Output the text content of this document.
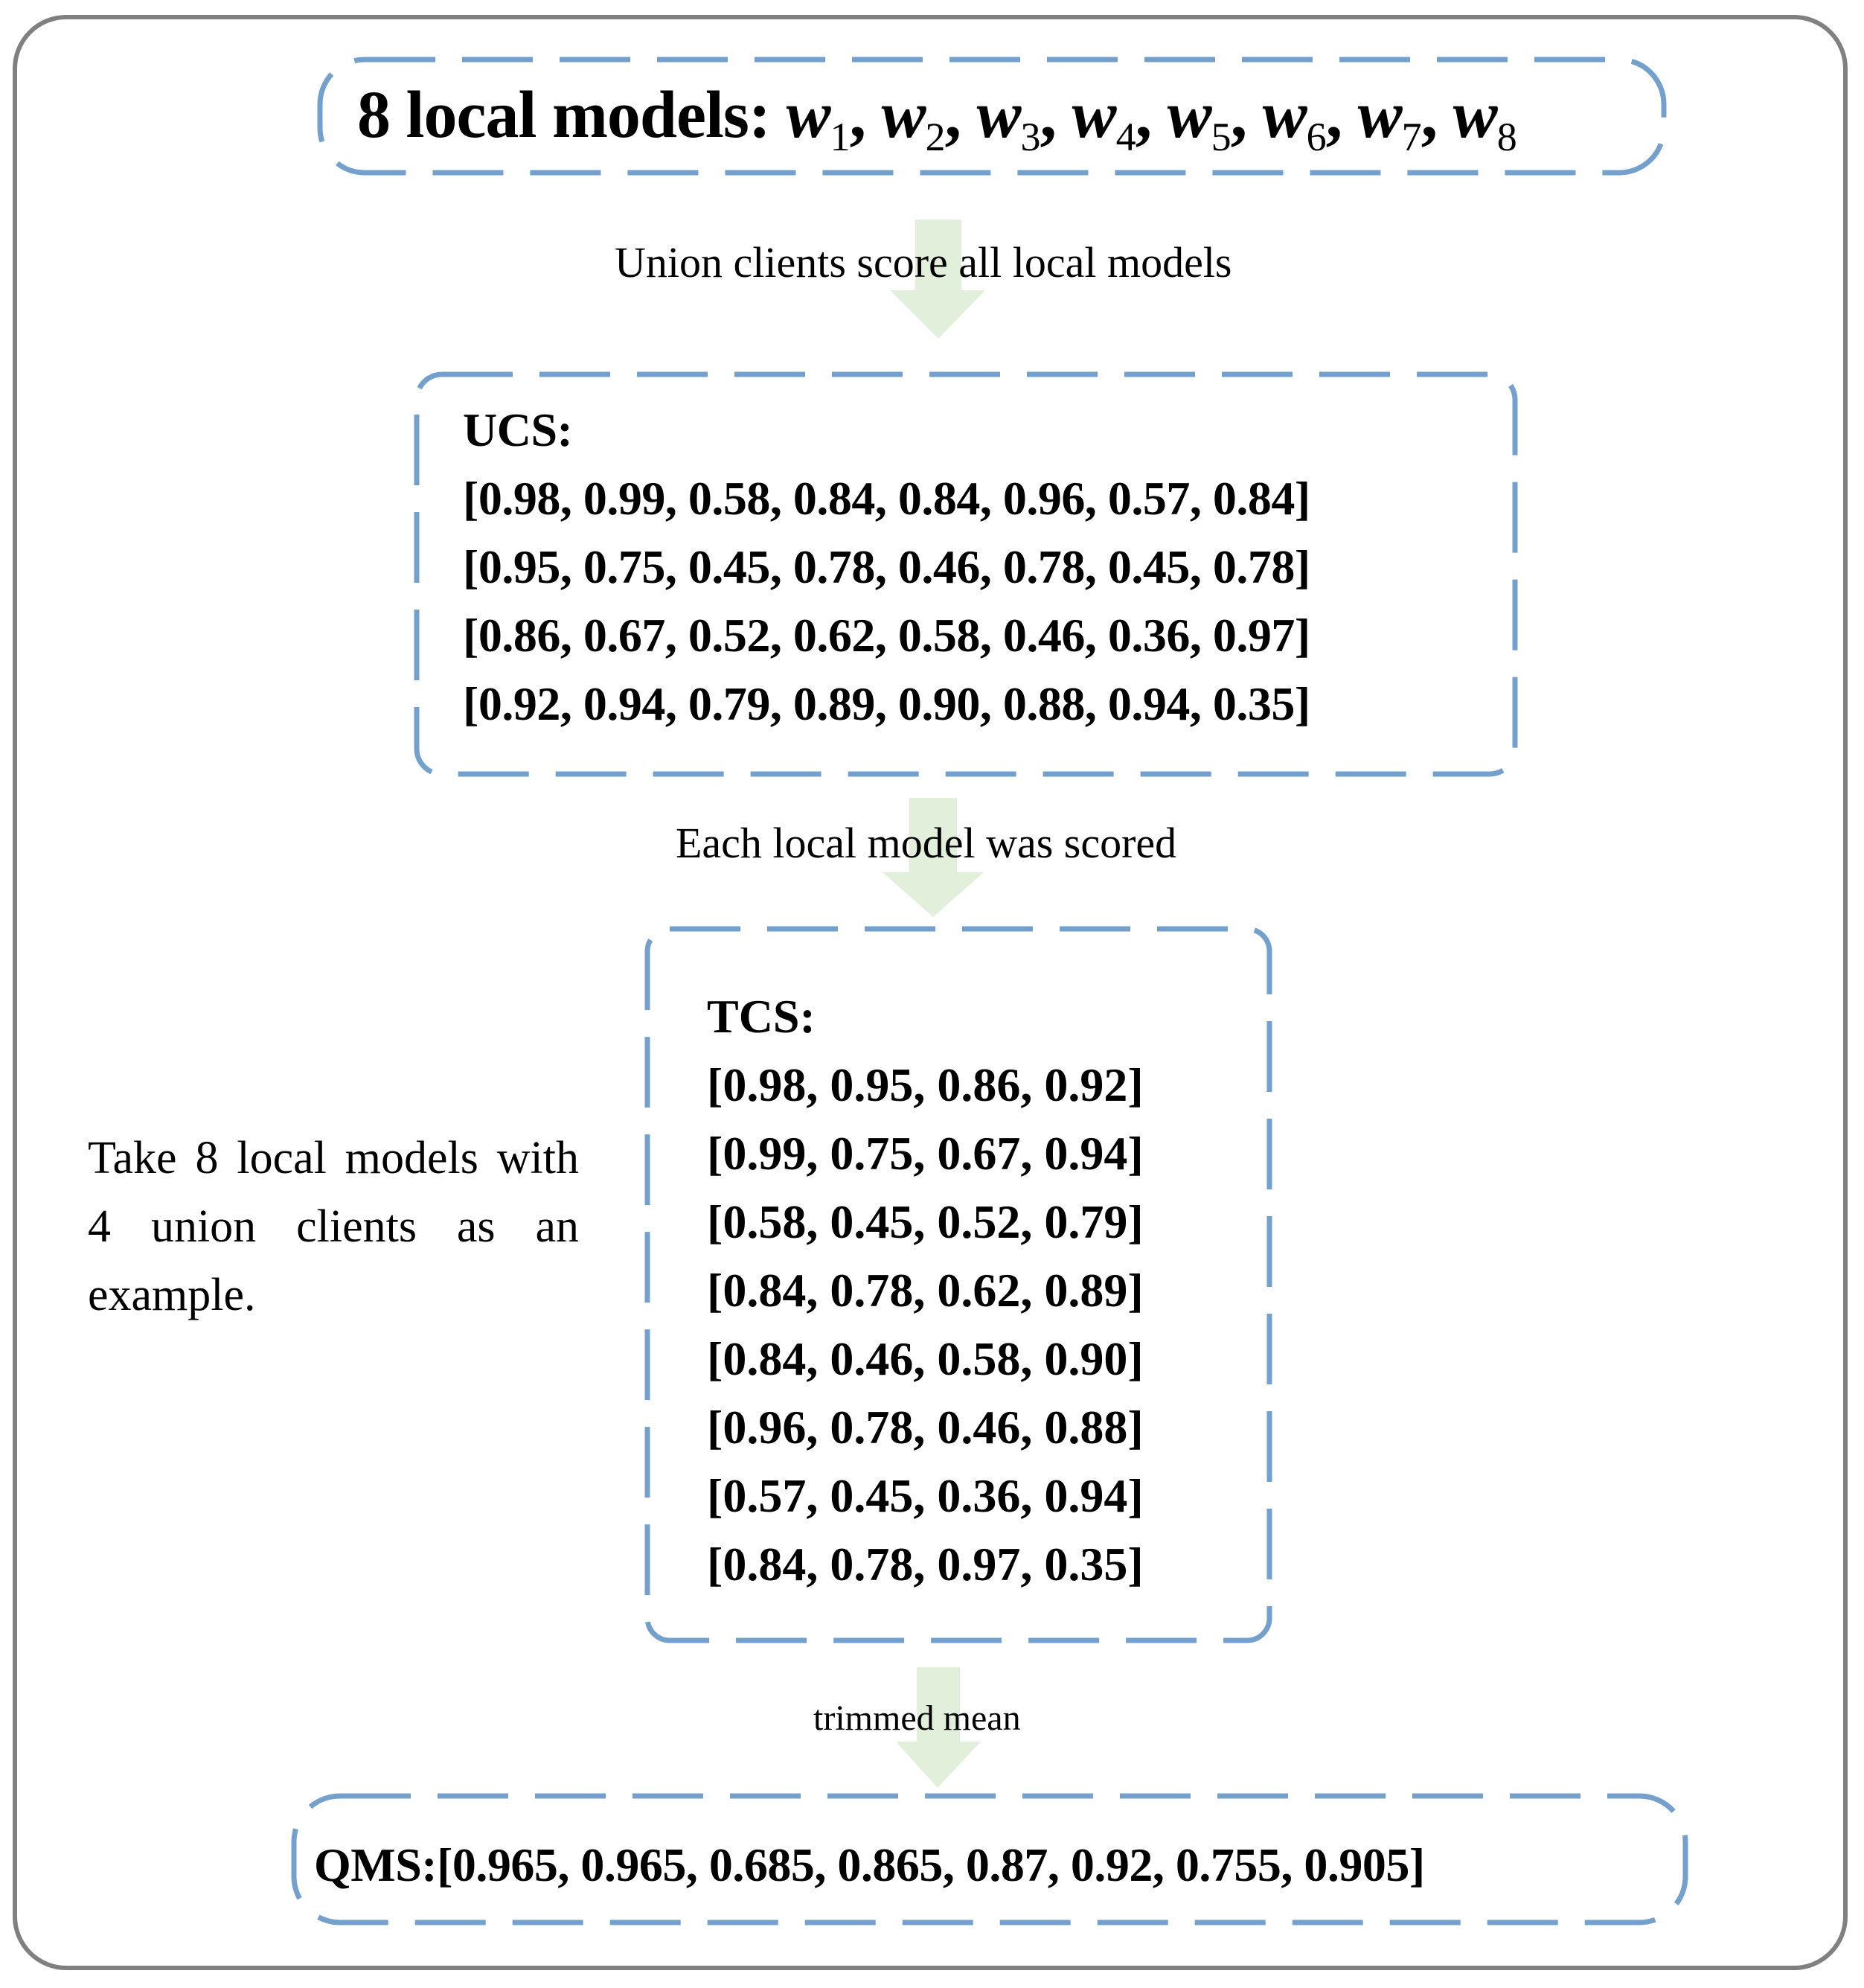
8 local models: $w_1$, $w_2$, $w_3$, $w_4$, $w_5$, $w_6$, $w_7$, $w_8$
Union clients score all local models
UCS:
[0.98, 0.99, 0.58, 0.84, 0.84, 0.96, 0.57, 0.84]
[0.95, 0.75, 0.45, 0.78, 0.46, 0.78, 0.45, 0.78]
[0.86, 0.67, 0.52, 0.62, 0.58, 0.46, 0.36, 0.97]
[0.92, 0.94, 0.79, 0.89, 0.90, 0.88, 0.94, 0.35]
Each local model was scored
TCS:
[0.98, 0.95, 0.86, 0.92]
[0.99, 0.75, 0.67, 0.94]
[0.58, 0.45, 0.52, 0.79]
[0.84, 0.78, 0.62, 0.89]
[0.84, 0.46, 0.58, 0.90]
[0.96, 0.78, 0.46, 0.88]
[0.57, 0.45, 0.36, 0.94]
[0.84, 0.78, 0.97, 0.35]
Take 8 local models with 4 union clients as an example.
trimmed mean
QMS:[0.965, 0.965, 0.685, 0.865, 0.87, 0.92, 0.755, 0.905]
